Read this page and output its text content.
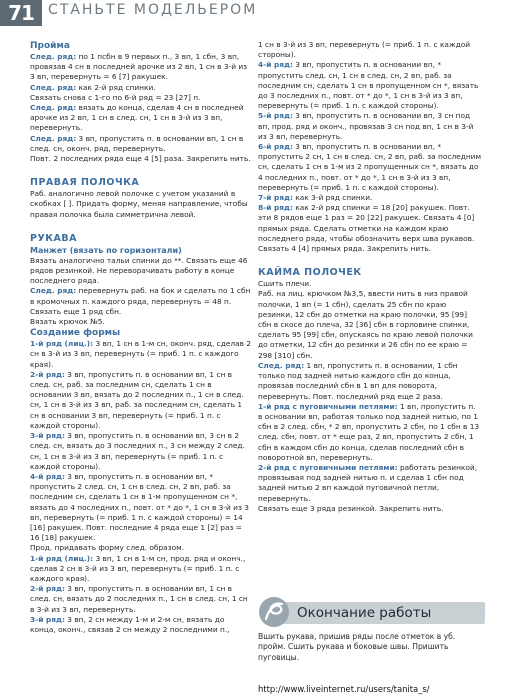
71	СТАНЬТЕ МОДЕЛЬЕРОМ
Пройма

След. ряд: по 1 псбн в 9 первых п., 3 вп, 1 сбн, 3 вп, провязав 4 сн в последней арочке из 2 вп, 1 сн в 3-й из 3 вп, перевернуть = 6 [7] ракушек.

След. ряд: как 2-й ряд спинки.

Связать снова с 1-го по 6-й ряд = 23 [27] п.

След. ряд: вязать до конца, сделав 4 сн в последней арочке из 2 вп, 1 сн в след. сн, 1 сн в 3-й из 3 вп, перевернуть.

След. ряд: 3 вп, пропустить п. в основании вп, 1 сн в след. сн, оконч. ряд, перевернуть.

Повт. 2 последних ряда еще 4 [5] раза. Закрепить нить.

ПРАВАЯ ПОЛОЧКА

Раб. аналогично левой полочке с учетом указаний в скобках [ ]. Придать форму, меняя направление, чтобы правая полочка была симметрична левой.

РУКАВА
Манжет (вязать по горизонтали)

Вязать аналогично тальи спинки до **. Связать еще 46 рядов резинкой. Не переворачивать работу в конце последнего ряда.

След. ряд: перевернуть раб. на бок и сделать по 1 сбн в кромочных п. каждого ряда, перевернуть = 48 п.

Связать еще 1 ряд сбн.

Вязать крючок №5.

Создание формы

1-й ряд (лиц.): 3 вп, 1 сн в 1-м сн, оконч. ряд, сделав 2 сн в 3-й из 3 вп, перевернуть (= приб. 1 п. с каждого края).

2-й ряд: 3 вп, пропустить п. в основании вп, 1 сн в след. сн, раб. за последним сн, сделать 1 сн в основании 3 вп, вязать до 2 последних п., 1 сн в след. сн, 1 сн в 3-й из 3 вп, раб. за последним сн, сделать 1 сн в основании 3 вп, перевернуть (= приб. 1 п. с каждой стороны).

3-й ряд: 3 вп, пропустить п. в основании вп, 3 сн в 2 след. сн, вязать до 3 последних п., 3 сн между 2 след. сн, 1 сн в 3-й из 3 вп, перевернуть (= приб. 1 п. с каждой стороны).

4-й ряд: 3 вп, пропустить п. в основании вп, * пропустить 2 след. сн, 1 сн в след. сн, 2 вп, раб. за последним сн, сделать 1 сн в 1-м пропущенном сн *, вязать до 4 последних п., повт. от * до *, 1 сн в 3-й из 3 вп, перевернуть (= приб. 1 п. с каждой стороны) = 14 [16] ракушек. Повт. последние 4 ряда еще 1 [2] раз = 16 [18] ракушек.

Прод. придавать форму след. образом.

1-й ряд (лиц.): 3 вп, 1 сн в 1-м сн, прод. ряд и оконч., сделав 2 сн в 3-й из 3 вп, перевернуть (= приб. 1 п. с каждого края).

2-й ряд: 3 вп, пропустить п. в основании вп, 1 сн в след. сн, вязать до 2 последних п., 1 сн в след. сн, 1 сн в 3-й из 3 вп, перевернуть.

3-й ряд: 3 вп, 2 сн между 1-м и 2-м сн, вязать до конца, оконч., связав 2 сн между 2 последними п.,

1 сн в 3-й из 3 вп, перевернуть (= приб. 1 п. с каждой стороны).

4-й ряд: 3 вп, пропустить п. в основании вп, * пропустить след. сн, 1 сн в след. сн, 2 вп, раб. за последним сн, сделать 1 сн в пропущенном сн *, вязать до 3 последних п., повт. от * до *, 1 сн в 3-й из 3 вп, перевернуть (= приб. 1 п. с каждой стороны).

5-й ряд: 3 вп, пропустить п. в основании вп, 3 сн под вп, прод. ряд и оконч., провязав 3 сн под вп, 1 сн в 3-й из 3 вп, перевернуть.

6-й ряд: 3 вп, пропустить п. в основании вп, * пропустить 2 сн, 1 сн в след. сн, 2 вп, раб. за последним сн, сделать 1 сн в 1-м из 2 пропущенных сн *, вязать до 4 последних п., повт. от * до *, 1 сн в 3-й из 3 вп, перевернуть (= приб. 1 п. с каждой стороны).

7-й ряд: как 3-й ряд спинки.

8-й ряд: как 2-й ряд спинки = 18 [20] ракушек. Повт. эти 8 рядов еще 1 раз = 20 [22] ракушек. Связать 4 [0] прямых ряда. Сделать отметки на каждом краю последнего ряда, чтобы обозначить верх шва рукавов. Связать 4 [4] прямых ряда. Закрепить нить.

КАЙМА ПОЛОЧЕК

Сшить плечи.

Раб. на лиц. крючком №3,5, ввести нить в низ правой полочки, 1 вп (= 1 сбн), сделать 25 сбн по краю резинки, 12 сбн до отметки на краю полочки, 95 [99] сбн в скосе до плеча, 32 [36] сбн в горловине спинки, сделать 95 [99] сбн, опускаясь по краю левой полочки до отметки, 12 сбн до резинки и 26 сбн по ее краю = 298 [310] сбн.

След. ряд: 1 вп, пропустить п. в основании, 1 сбн только под задней нитью каждого сбн до конца, провязав последний сбн в 1 вп для поворота, перевернуть. Повт. последний ряд еще 2 раза.

1-й ряд с пуговичными петлями: 1 вп, пропустить п. в основании вп, работая только под задней нитью, по 1 сбн в 2 след. сбн, * 2 вп, пропустить 2 сбн, по 1 сбн в 13 след. сбн, повт. от * еще раз, 2 вп, пропустить 2 сбн, 1 сбн в каждом сбн до конца, сделав последний сбн в поворотной вп, перевернуть.

2-й ряд с пуговичными петлями: работать резинкой, провязывая под задней нитью п. и сделав 1 сбн под задней нитью 2 вп каждой пуговичной петли, перевернуть.

Связать еще 3 ряда резинкой. Закрепить нить.

Окончание работы

Вшить рукава, пришив ряды после отметок в уб. пройм. Сшить рукава и боковые швы. Пришить пуговицы.

http://www.liveinternet.ru/users/tanita_s/
